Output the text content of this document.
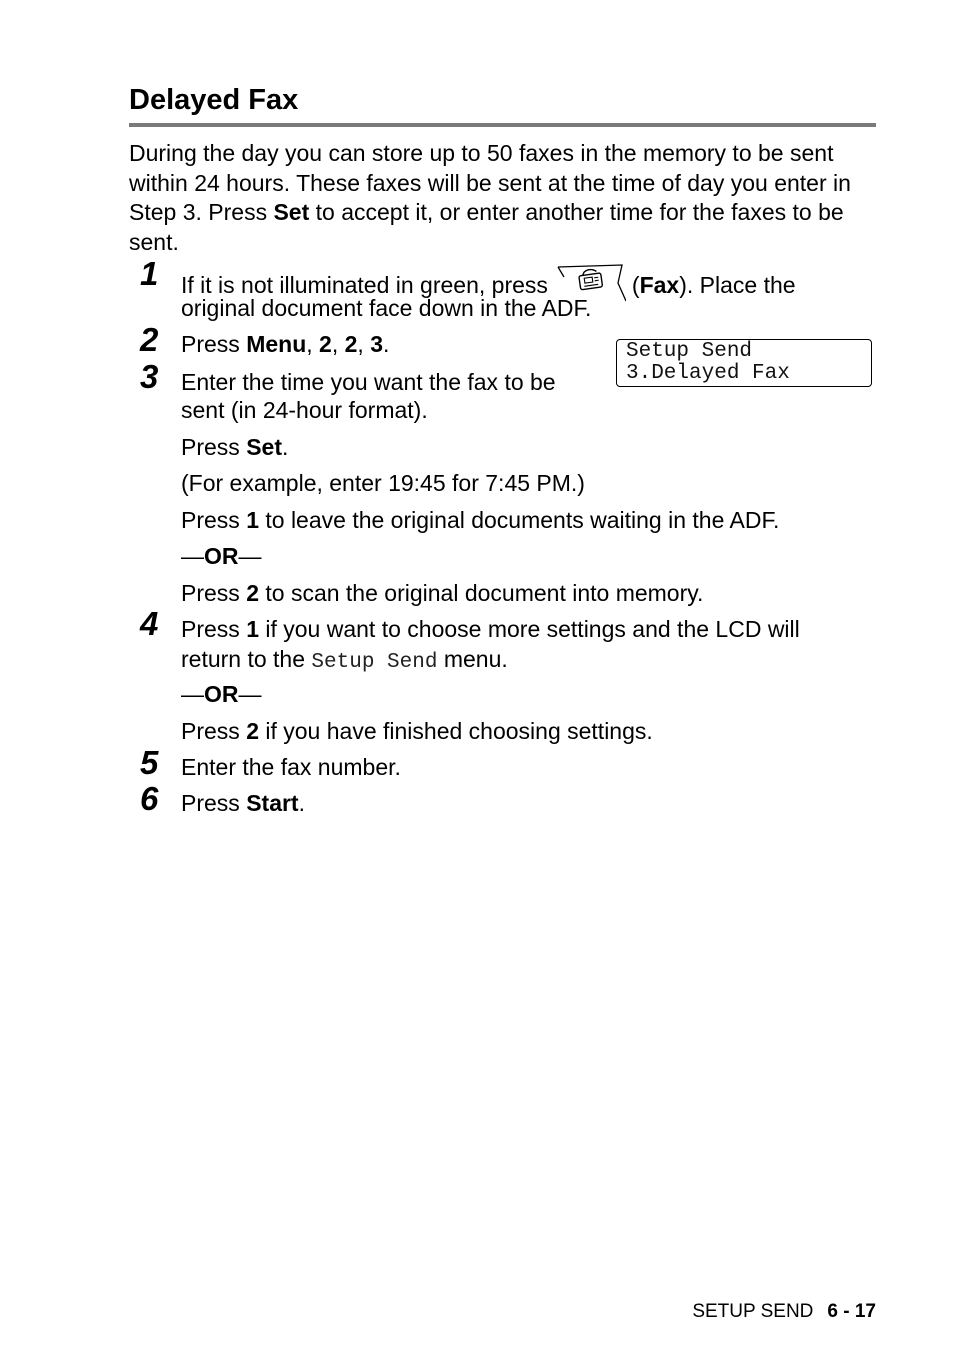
Delayed Fax

During the day you can store up to 50 faxes in the memory to be sent within 24 hours. These faxes will be sent at the time of day you enter in Step 3. Press Set to accept it, or enter another time for the faxes to be sent.

1 If it is not illuminated in green, press	(Fax). Place the

original document face down in the ADF.

2 Press Menu, 2, 2, 3.	Setup Send
3.Delayed Fax
3 Enter the time you want the fax to be

sent (in 24-hour format).

Press Set.

(For example, enter 19:45 for 7:45 PM.)

Press 1 to leave the original documents waiting in the ADF.

—OR—

Press 2 to scan the original document into memory.

4 Press 1 if you want to choose more settings and the LCD will

return to the Setup Send menu.

—OR—

Press 2 if you have finished choosing settings.

5 Enter the fax number.

6 Press Start.

SETUP SEND 6 - 17
